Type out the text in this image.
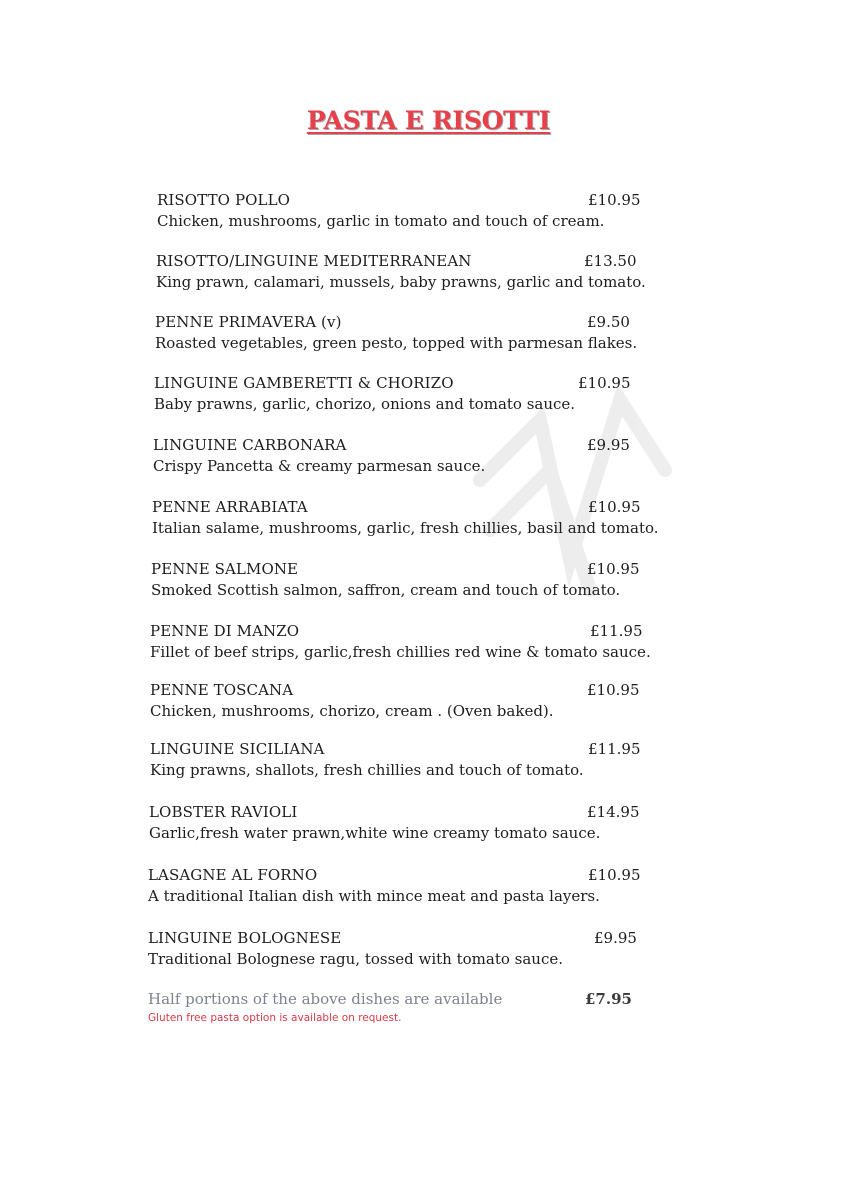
PASTA E RISOTTI
RISOTTO POLLO	£10.95
Chicken, mushrooms, garlic in tomato and touch of cream.
RISOTTO/LINGUINE MEDITERRANEAN	£13.50
King prawn, calamari, mussels, baby prawns, garlic and tomato.
PENNE PRIMAVERA (v)	£9.50
Roasted vegetables, green pesto, topped with parmesan flakes.
LINGUINE GAMBERETTI & CHORIZO	£10.95
Baby prawns, garlic, chorizo, onions and tomato sauce.
LINGUINE CARBONARA	£9.95
Crispy Pancetta & creamy parmesan sauce.
PENNE ARRABIATA	£10.95
Italian salame, mushrooms, garlic, fresh chillies, basil and tomato.
PENNE SALMONE	£10.95
Smoked Scottish salmon, saffron, cream and touch of tomato.
PENNE DI MANZO	£11.95
Fillet of beef strips, garlic,fresh chillies red wine & tomato sauce.
PENNE TOSCANA	£10.95
Chicken, mushrooms, chorizo, cream . (Oven baked).
LINGUINE SICILIANA	£11.95
King prawns, shallots, fresh chillies and touch of tomato.
LOBSTER RAVIOLI	£14.95
Garlic,fresh water prawn,white wine creamy tomato sauce.
LASAGNE AL FORNO	£10.95
A traditional Italian dish with mince meat and pasta layers.
LINGUINE BOLOGNESE	£9.95
Traditional Bolognese ragu, tossed with tomato sauce.
Half portions of the above dishes are available	£7.95
Gluten free pasta option is available on request.
